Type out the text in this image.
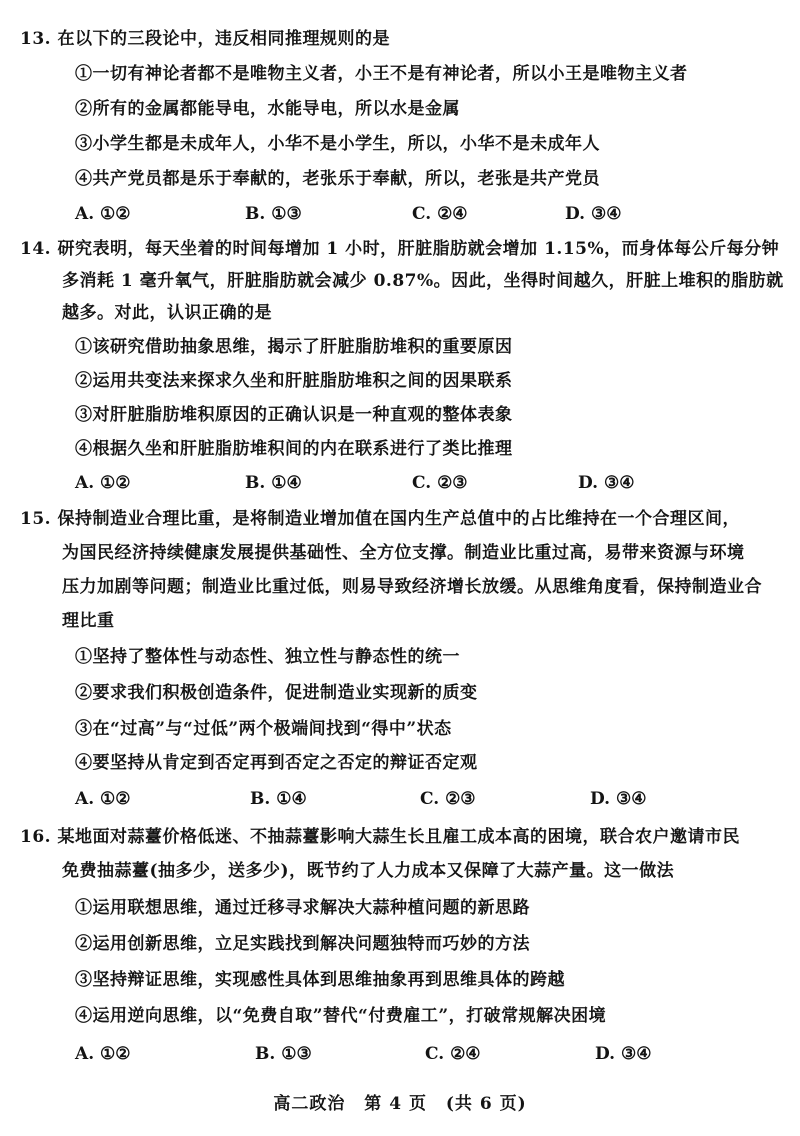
13. 在以下的三段论中，违反相同推理规则的是
①一切有神论者都不是唯物主义者，小王不是有神论者，所以小王是唯物主义者
②所有的金属都能导电，水能导电，所以水是金属
③小学生都是未成年人，小华不是小学生，所以，小华不是未成年人
④共产党员都是乐于奉献的，老张乐于奉献，所以，老张是共产党员
A. ①②	B. ①③	C. ②④	D. ③④
14. 研究表明，每天坐着的时间每增加 1 小时，肝脏脂肪就会增加 1.15%，而身体每公斤每分钟
多消耗 1 毫升氧气，肝脏脂肪就会减少 0.87%。因此，坐得时间越久，肝脏上堆积的脂肪就
越多。对此，认识正确的是
①该研究借助抽象思维，揭示了肝脏脂肪堆积的重要原因
②运用共变法来探求久坐和肝脏脂肪堆积之间的因果联系
③对肝脏脂肪堆积原因的正确认识是一种直观的整体表象
④根据久坐和肝脏脂肪堆积间的内在联系进行了类比推理
A. ①②	B. ①④	C. ②③	D. ③④
15. 保持制造业合理比重，是将制造业增加值在国内生产总值中的占比维持在一个合理区间，
为国民经济持续健康发展提供基础性、全方位支撑。制造业比重过高，易带来资源与环境
压力加剧等问题；制造业比重过低，则易导致经济增长放缓。从思维角度看，保持制造业合
理比重
①坚持了整体性与动态性、独立性与静态性的统一
②要求我们积极创造条件，促进制造业实现新的质变
③在“过高”与“过低”两个极端间找到“得中”状态
④要坚持从肯定到否定再到否定之否定的辩证否定观
A. ①②	B. ①④	C. ②③	D. ③④
16. 某地面对蒜薹价格低迷、不抽蒜薹影响大蒜生长且雇工成本高的困境，联合农户邀请市民
免费抽蒜薹(抽多少，送多少)，既节约了人力成本又保障了大蒜产量。这一做法
①运用联想思维，通过迁移寻求解决大蒜种植问题的新思路
②运用创新思维，立足实践找到解决问题独特而巧妙的方法
③坚持辩证思维，实现感性具体到思维抽象再到思维具体的跨越
④运用逆向思维，以“免费自取”替代“付费雇工”，打破常规解决困境
A. ①②	B. ①③	C. ②④	D. ③④
高二政治 第 4 页 (共 6 页)
